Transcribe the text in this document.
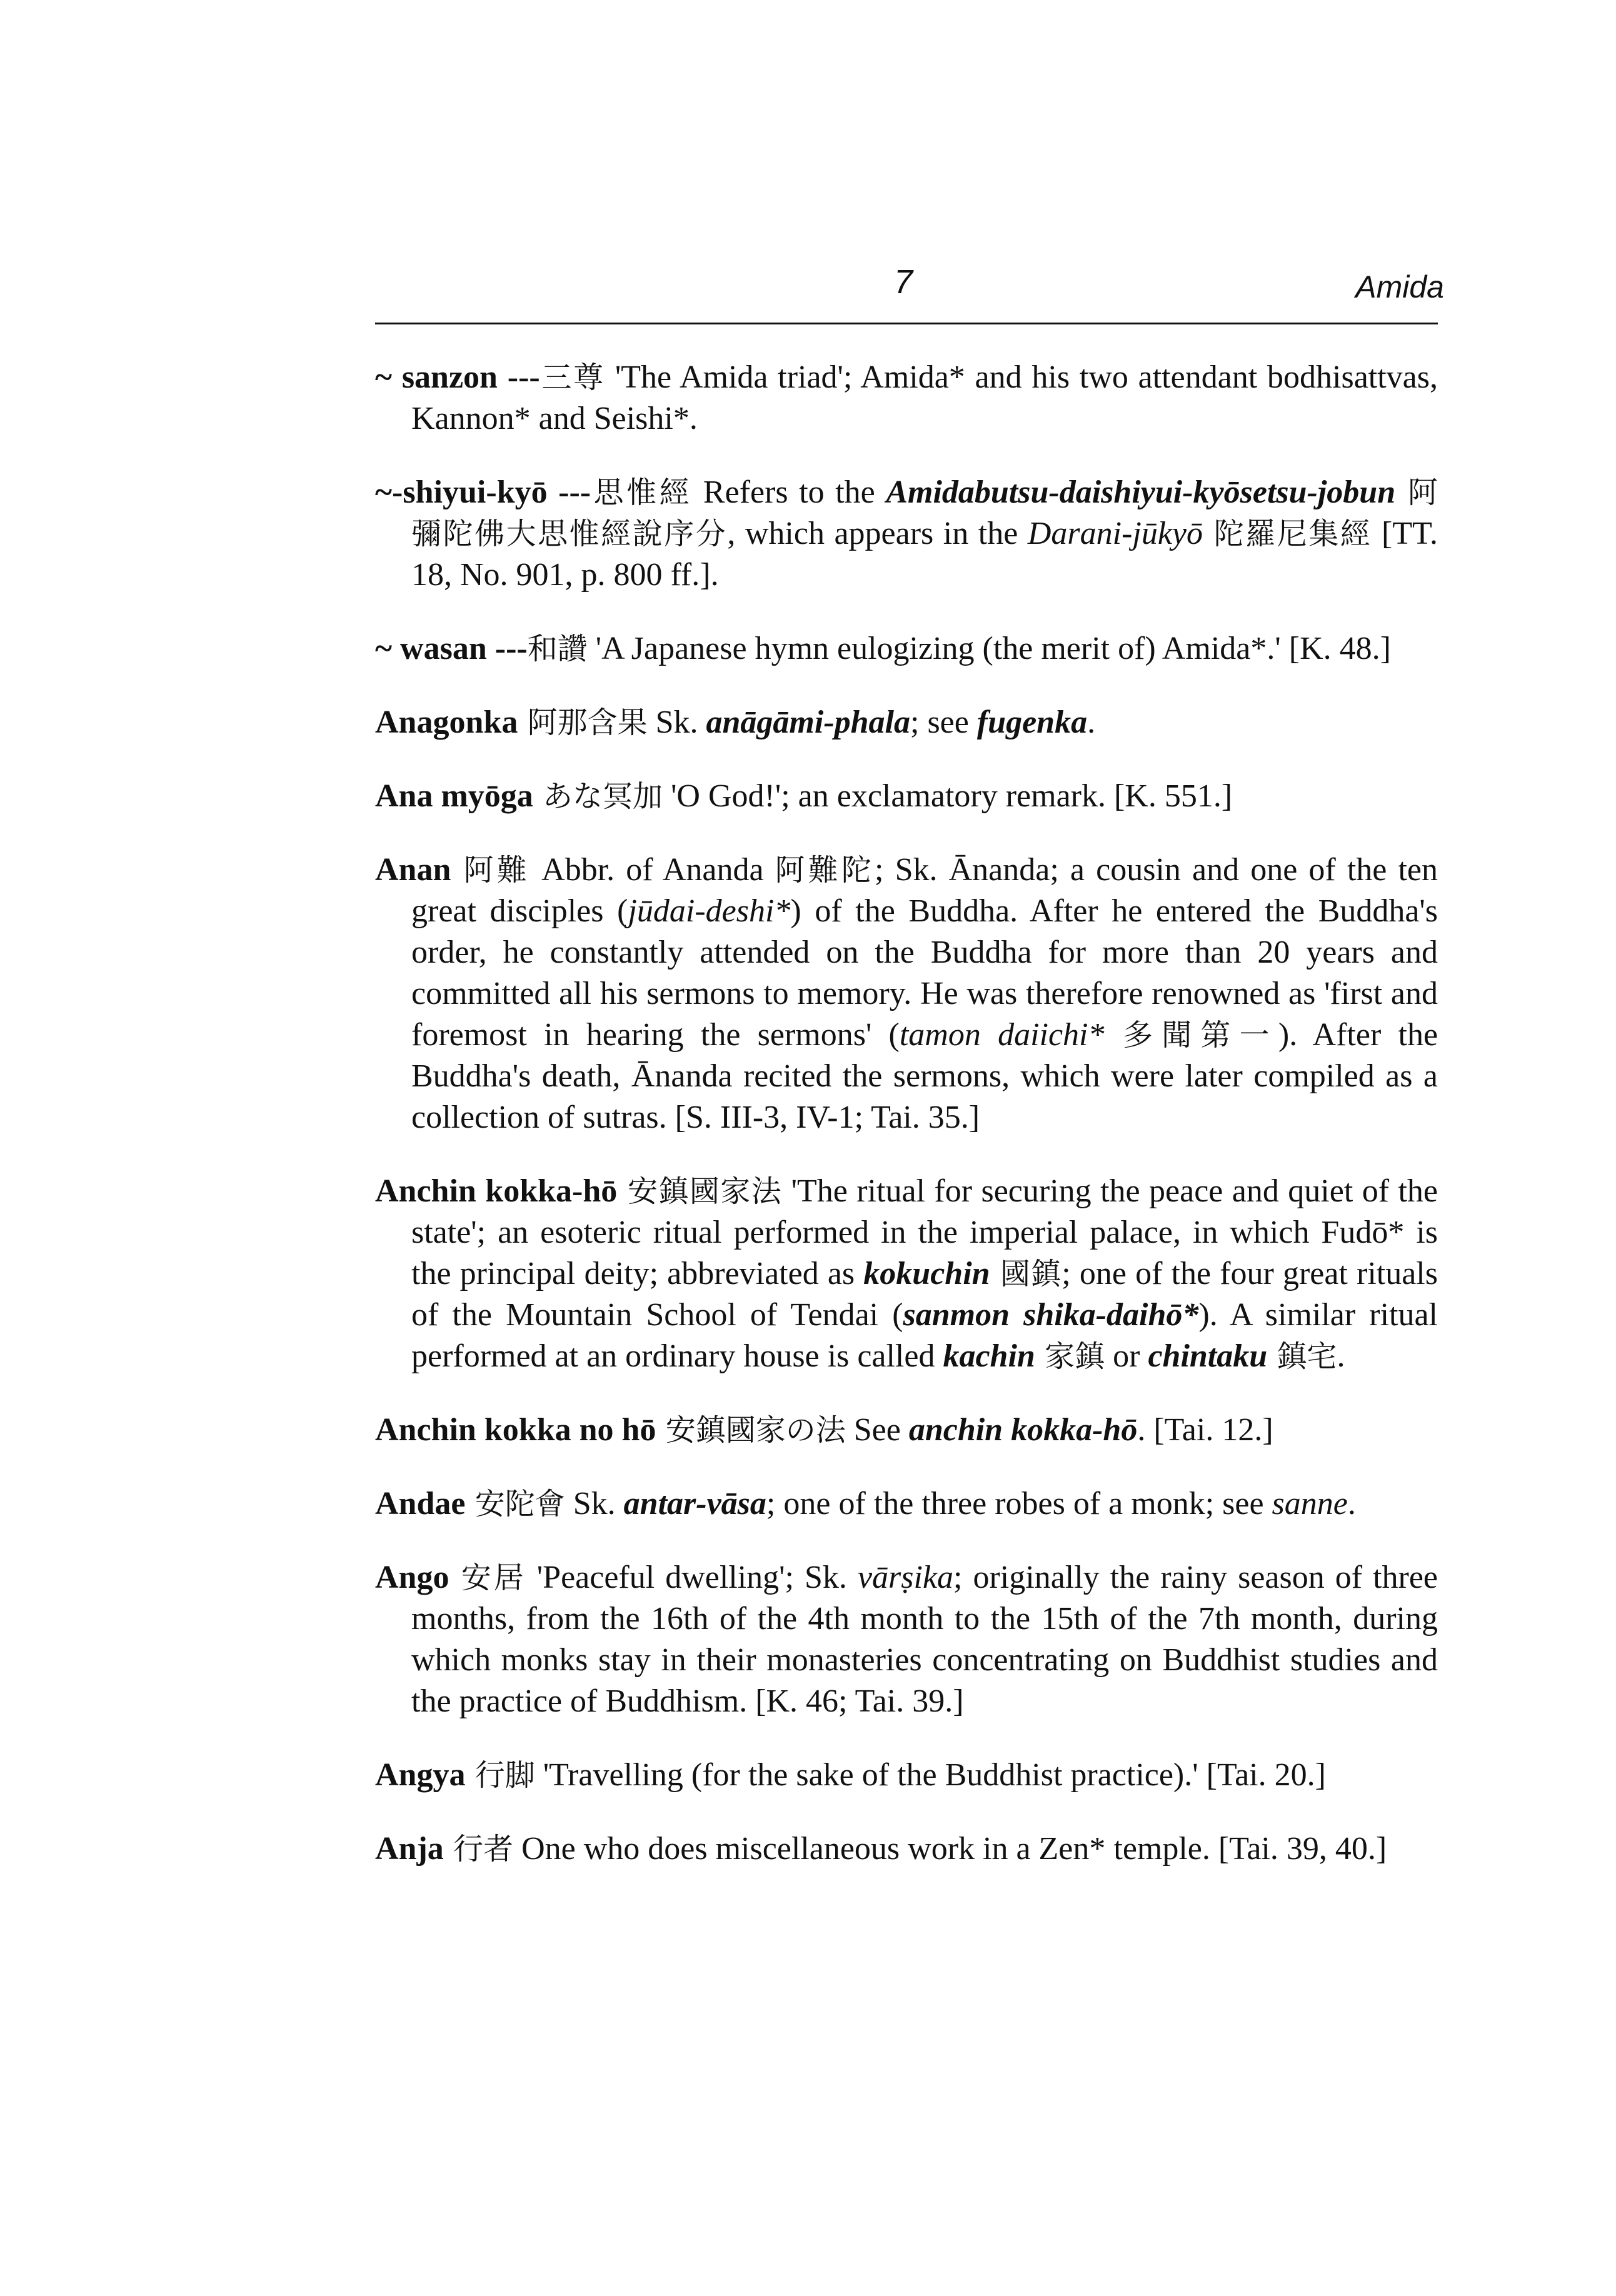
7	Amida

~ sanzon ---三尊 'The Amida triad'; Amida* and his two attendant bodhisattvas, Kannon* and Seishi*.

~-shiyui-kyō ---思惟經 Refers to the Amidabutsu-daishiyui-kyōsetsu-jobun 阿彌陀佛大思惟經說序分, which appears in the Darani-jūkyō 陀羅尼集經 [TT. 18, No. 901, p. 800 ff.].

~ wasan ---和讚 'A Japanese hymn eulogizing (the merit of) Amida*.' [K. 48.]

Anagonka 阿那含果 Sk. anāgāmi-phala; see fugenka.

Ana myōga あな冥加 'O God!'; an exclamatory remark. [K. 551.]

Anan 阿難 Abbr. of Ananda 阿難陀; Sk. Ānanda; a cousin and one of the ten great disciples (jūdai-deshi*) of the Buddha. After he entered the Buddha's order, he constantly attended on the Buddha for more than 20 years and committed all his sermons to memory. He was therefore renowned as 'first and foremost in hearing the sermons' (tamon daiichi* 多聞第一). After the Buddha's death, Ānanda recited the sermons, which were later compiled as a collection of sutras. [S. III-3, IV-1; Tai. 35.]

Anchin kokka-hō 安鎮國家法 'The ritual for securing the peace and quiet of the state'; an esoteric ritual performed in the imperial palace, in which Fudō* is the principal deity; abbreviated as kokuchin 國鎮; one of the four great rituals of the Mountain School of Tendai (sanmon shika-daihō*). A similar ritual performed at an ordinary house is called kachin 家鎮 or chintaku 鎮宅.

Anchin kokka no hō 安鎮國家の法 See anchin kokka-hō. [Tai. 12.]

Andae 安陀會 Sk. antar-vāsa; one of the three robes of a monk; see sanne.

Ango 安居 'Peaceful dwelling'; Sk. vārṣika; originally the rainy season of three months, from the 16th of the 4th month to the 15th of the 7th month, during which monks stay in their monasteries concentrating on Buddhist studies and the practice of Buddhism. [K. 46; Tai. 39.]

Angya 行脚 'Travelling (for the sake of the Buddhist practice).' [Tai. 20.]

Anja 行者 One who does miscellaneous work in a Zen* temple. [Tai. 39, 40.]
